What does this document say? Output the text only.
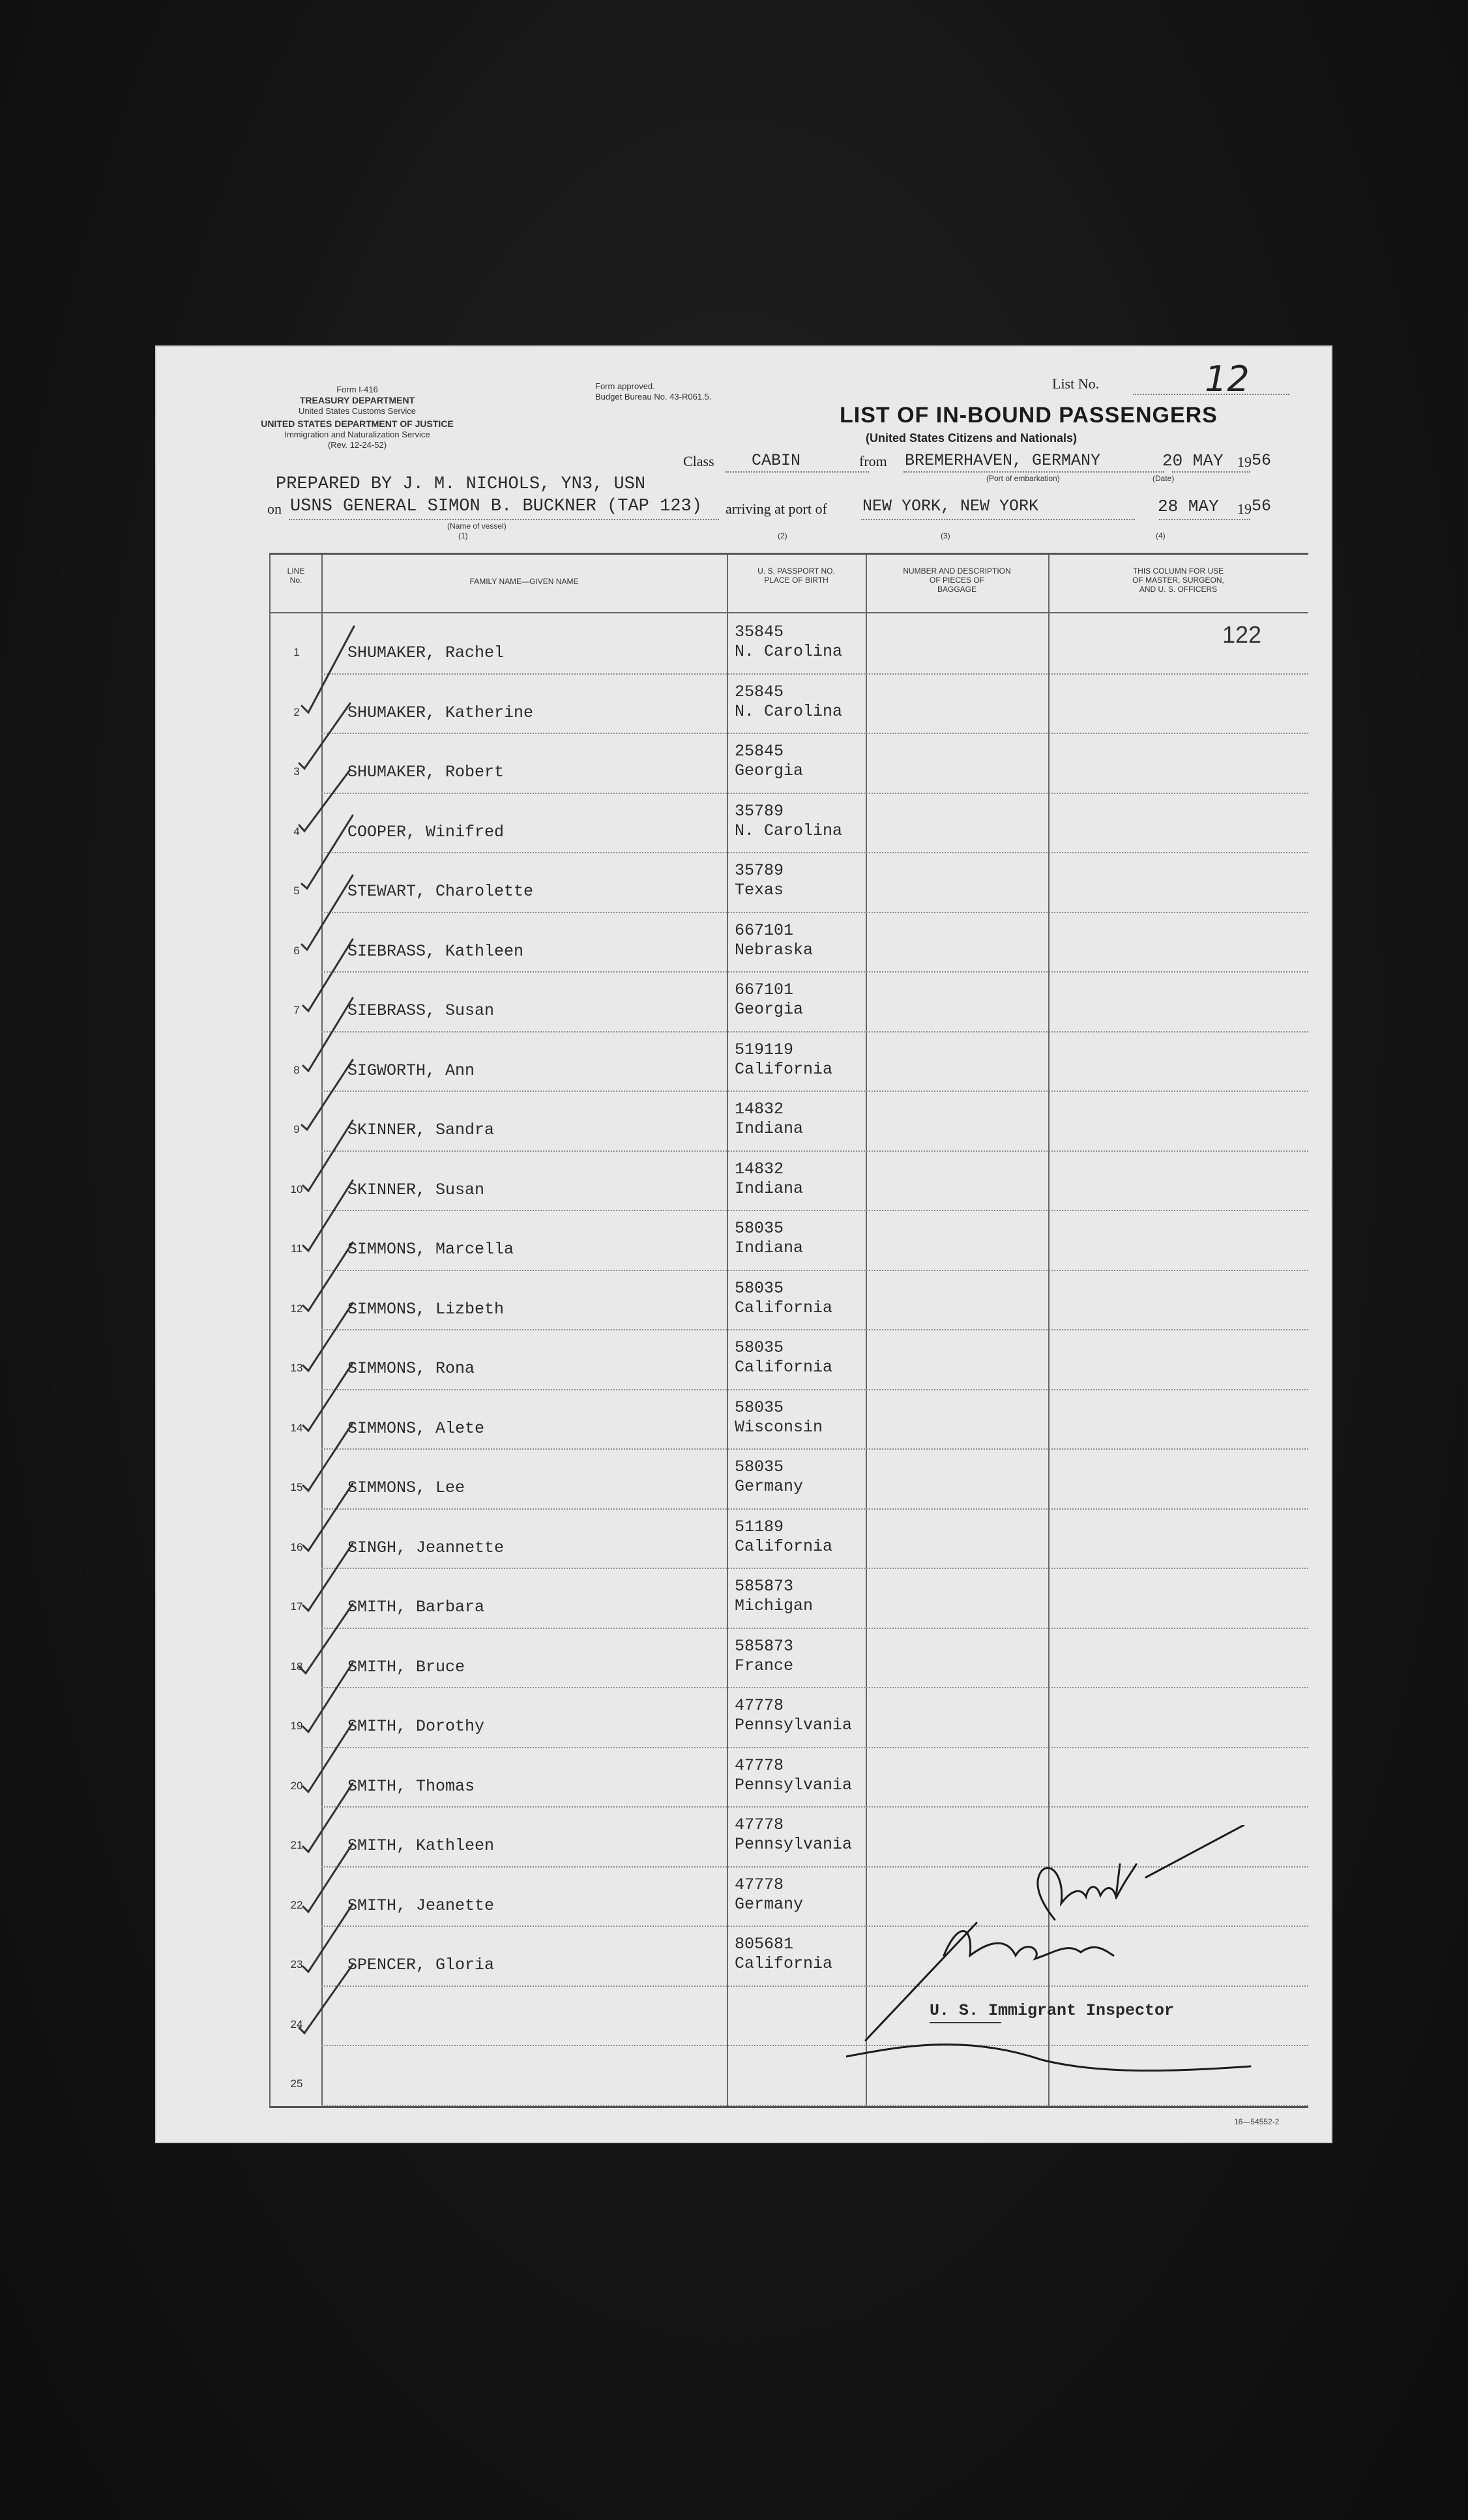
Form I-416
TREASURY DEPARTMENT
United States Customs Service
UNITED STATES DEPARTMENT OF JUSTICE
Immigration and Naturalization Service
(Rev. 12-24-52)
Form approved.
Budget Bureau No. 43-R061.5.
List No.	12
LIST OF IN-BOUND PASSENGERS
(United States Citizens and Nationals)
Class CABIN	from BREMERHAVEN, GERMANY
(Port of embarkation)
20 MAY 19 56
(Date)
PREPARED BY J. M. NICHOLS, YN3, USN
on USNS GENERAL SIMON B. BUCKNER (TAP 123)
(Name of vessel)
arriving at port of NEW YORK, NEW YORK	28 MAY 19 56
(1)	(2)	(3)	(4)
LINE
No.	FAMILY NAME—GIVEN NAME
U. S. PASSPORT NO.
PLACE OF BIRTH
NUMBER AND DESCRIPTION
OF PIECES OF
BAGGAGE
THIS COLUMN FOR USE
OF MASTER, SURGEON,
AND U. S. OFFICERS
122
1	SHUMAKER, Rachel
35845
N. Carolina
2	SHUMAKER, Katherine
25845
N. Carolina
3	SHUMAKER, Robert
25845
Georgia
4	COOPER, Winifred
35789
N. Carolina
5	STEWART, Charolette
35789
Texas
6	SIEBRASS, Kathleen
667101
Nebraska
7	SIEBRASS, Susan
667101
Georgia
8	SIGWORTH, Ann
519119
California
9	SKINNER, Sandra
14832
Indiana
10	SKINNER, Susan
14832
Indiana
11	SIMMONS, Marcella
58035
Indiana
12	SIMMONS, Lizbeth
58035
California
13	SIMMONS, Rona
58035
California
14	SIMMONS, Alete
58035
Wisconsin
15	SIMMONS, Lee
58035
Germany
16	SINGH, Jeannette
51189
California
17	SMITH, Barbara
585873
Michigan
18	SMITH, Bruce
585873
France
19	SMITH, Dorothy
47778
Pennsylvania
20	SMITH, Thomas
47778
Pennsylvania
21	SMITH, Kathleen
47778
Pennsylvania
22	SMITH, Jeanette
47778
Germany
23	SPENCER, Gloria
805681
California
24
25
U. S. Immigrant Inspector
16—54552-2
